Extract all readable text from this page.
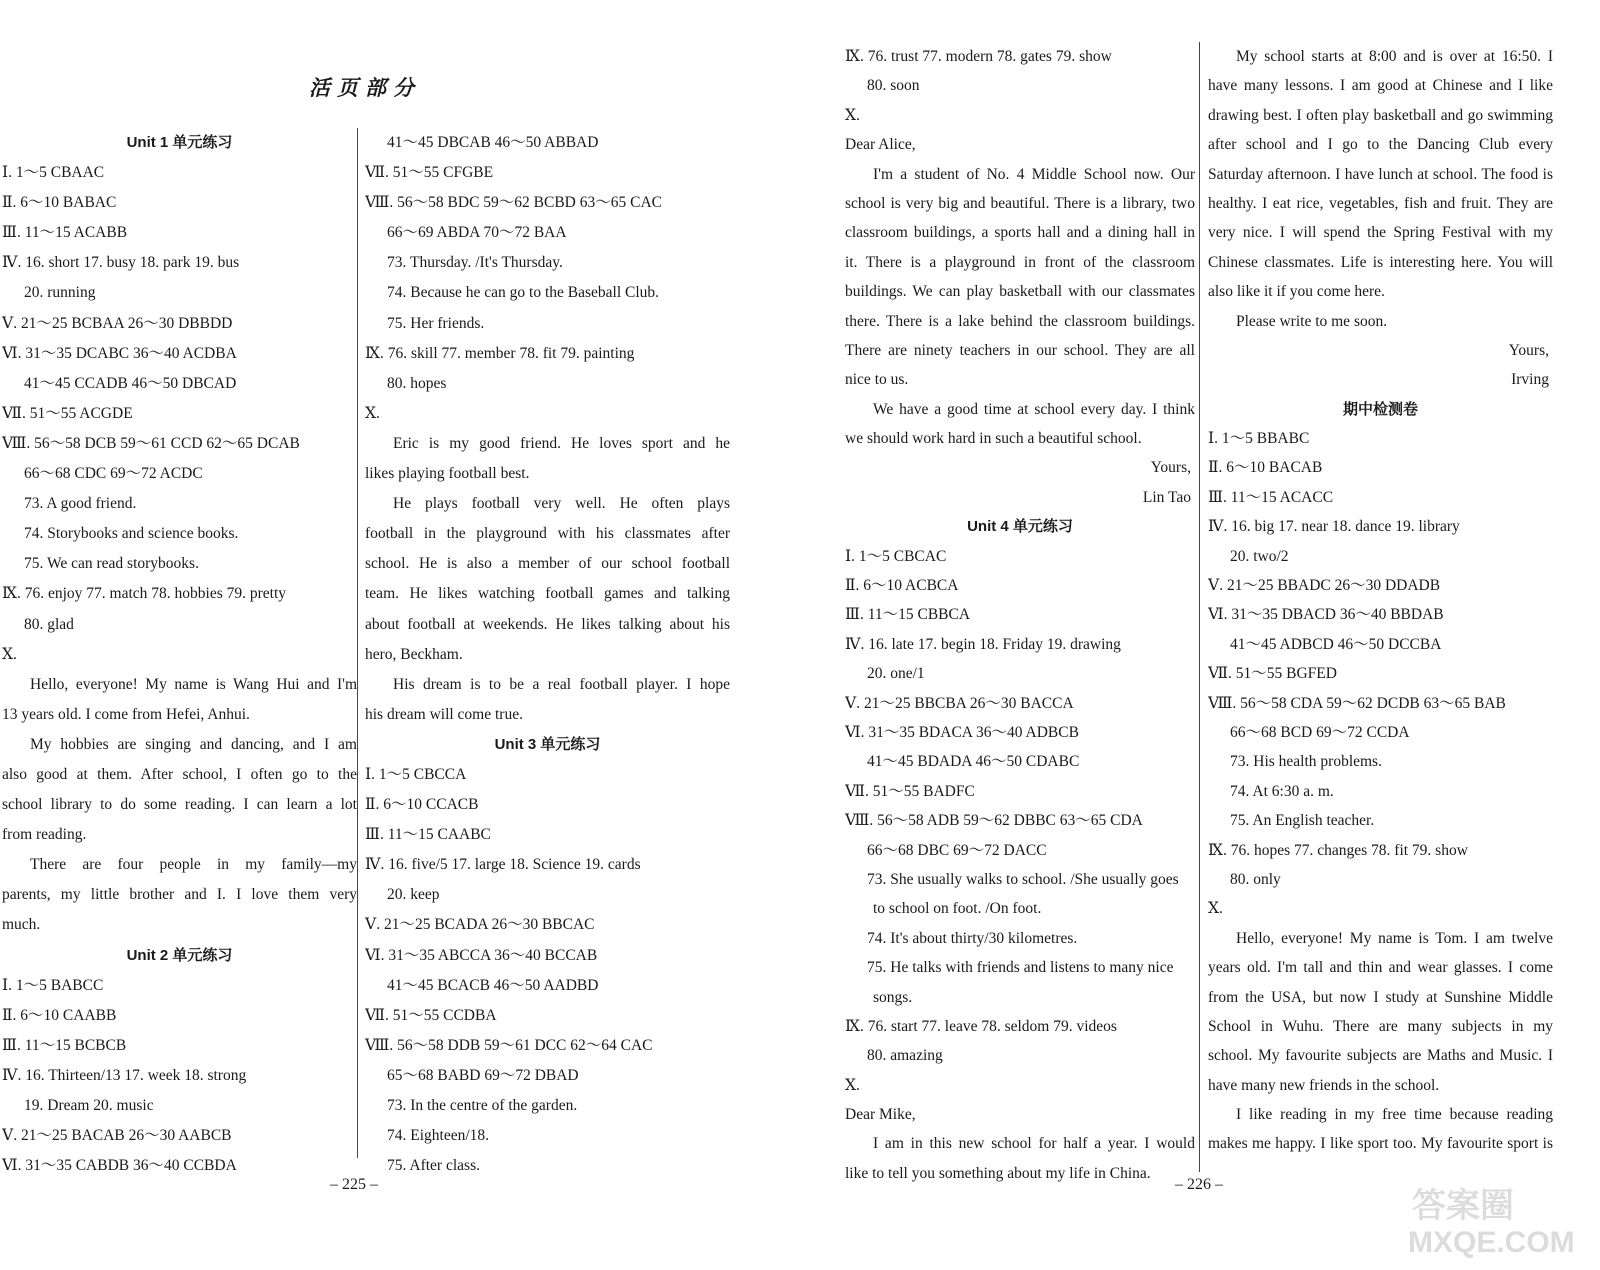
活页部分
Unit 1 单元练习
Ⅰ. 1～5 CBAAC
Ⅱ. 6～10 BABAC
Ⅲ. 11～15 ACABB
Ⅳ. 16. short 17. busy 18. park 19. bus
20. running
Ⅴ. 21～25 BCBAA 26～30 DBBDD
Ⅵ. 31～35 DCABC 36～40 ACDBA
41～45 CCADB 46～50 DBCAD
Ⅶ. 51～55 ACGDE
Ⅷ. 56～58 DCB 59～61 CCD 62～65 DCAB
66～68 CDC 69～72 ACDC
73. A good friend.
74. Storybooks and science books.
75. We can read storybooks.
Ⅸ. 76. enjoy 77. match 78. hobbies 79. pretty
80. glad
Ⅹ.
Hello, everyone! My name is Wang Hui and I'm
13 years old. I come from Hefei, Anhui.
My hobbies are singing and dancing, and I am
also good at them. After school, I often go to the
school library to do some reading. I can learn a lot
from reading.
There are four people in my family—my
parents, my little brother and I. I love them very
much.
Unit 2 单元练习
Ⅰ. 1～5 BABCC
Ⅱ. 6～10 CAABB
Ⅲ. 11～15 BCBCB
Ⅳ. 16. Thirteen/13 17. week 18. strong
19. Dream 20. music
Ⅴ. 21～25 BACAB 26～30 AABCB
Ⅵ. 31～35 CABDB 36～40 CCBDA
41～45 DBCAB 46～50 ABBAD
Ⅶ. 51～55 CFGBE
Ⅷ. 56～58 BDC 59～62 BCBD 63～65 CAC
66～69 ABDA 70～72 BAA
73. Thursday. /It's Thursday.
74. Because he can go to the Baseball Club.
75. Her friends.
Ⅸ. 76. skill 77. member 78. fit 79. painting
80. hopes
Ⅹ.
Eric is my good friend. He loves sport and he
likes playing football best.
He plays football very well. He often plays
football in the playground with his classmates after
school. He is also a member of our school football
team. He likes watching football games and talking
about football at weekends. He likes talking about his
hero, Beckham.
His dream is to be a real football player. I hope
his dream will come true.
Unit 3 单元练习
Ⅰ. 1～5 CBCCA
Ⅱ. 6～10 CCACB
Ⅲ. 11～15 CAABC
Ⅳ. 16. five/5 17. large 18. Science 19. cards
20. keep
Ⅴ. 21～25 BCADA 26～30 BBCAC
Ⅵ. 31～35 ABCCA 36～40 BCCAB
41～45 BCACB 46～50 AADBD
Ⅶ. 51～55 CCDBA
Ⅷ. 56～58 DDB 59～61 DCC 62～64 CAC
65～68 BABD 69～72 DBAD
73. In the centre of the garden.
74. Eighteen/18.
75. After class.
Ⅸ. 76. trust 77. modern 78. gates 79. show
80. soon
Ⅹ.
Dear Alice,
I'm a student of No. 4 Middle School now. Our
school is very big and beautiful. There is a library, two
classroom buildings, a sports hall and a dining hall in
it. There is a playground in front of the classroom
buildings. We can play basketball with our classmates
there. There is a lake behind the classroom buildings.
There are ninety teachers in our school. They are all
nice to us.
We have a good time at school every day. I think
we should work hard in such a beautiful school.
Yours,
Lin Tao
Unit 4 单元练习
Ⅰ. 1～5 CBCAC
Ⅱ. 6～10 ACBCA
Ⅲ. 11～15 CBBCA
Ⅳ. 16. late 17. begin 18. Friday 19. drawing
20. one/1
Ⅴ. 21～25 BBCBA 26～30 BACCA
Ⅵ. 31～35 BDACA 36～40 ADBCB
41～45 BDADA 46～50 CDABC
Ⅶ. 51～55 BADFC
Ⅷ. 56～58 ADB 59～62 DBBC 63～65 CDA
66～68 DBC 69～72 DACC
73. She usually walks to school. /She usually goes
to school on foot. /On foot.
74. It's about thirty/30 kilometres.
75. He talks with friends and listens to many nice
songs.
Ⅸ. 76. start 77. leave 78. seldom 79. videos
80. amazing
Ⅹ.
Dear Mike,
I am in this new school for half a year. I would
like to tell you something about my life in China.
My school starts at 8:00 and is over at 16:50. I
have many lessons. I am good at Chinese and I like
drawing best. I often play basketball and go swimming
after school and I go to the Dancing Club every
Saturday afternoon. I have lunch at school. The food is
healthy. I eat rice, vegetables, fish and fruit. They are
very nice. I will spend the Spring Festival with my
Chinese classmates. Life is interesting here. You will
also like it if you come here.
Please write to me soon.
Yours,
Irving
期中检测卷
Ⅰ. 1～5 BBABC
Ⅱ. 6～10 BACAB
Ⅲ. 11～15 ACACC
Ⅳ. 16. big 17. near 18. dance 19. library
20. two/2
Ⅴ. 21～25 BBADC 26～30 DDADB
Ⅵ. 31～35 DBACD 36～40 BBDAB
41～45 ADBCD 46～50 DCCBA
Ⅶ. 51～55 BGFED
Ⅷ. 56～58 CDA 59～62 DCDB 63～65 BAB
66～68 BCD 69～72 CCDA
73. His health problems.
74. At 6:30 a. m.
75. An English teacher.
Ⅸ. 76. hopes 77. changes 78. fit 79. show
80. only
Ⅹ.
Hello, everyone! My name is Tom. I am twelve
years old. I'm tall and thin and wear glasses. I come
from the USA, but now I study at Sunshine Middle
School in Wuhu. There are many subjects in my
school. My favourite subjects are Maths and Music. I
have many new friends in the school.
I like reading in my free time because reading
makes me happy. I like sport too. My favourite sport is
– 225 –	– 226 –
答案圈
MXQE.COM
